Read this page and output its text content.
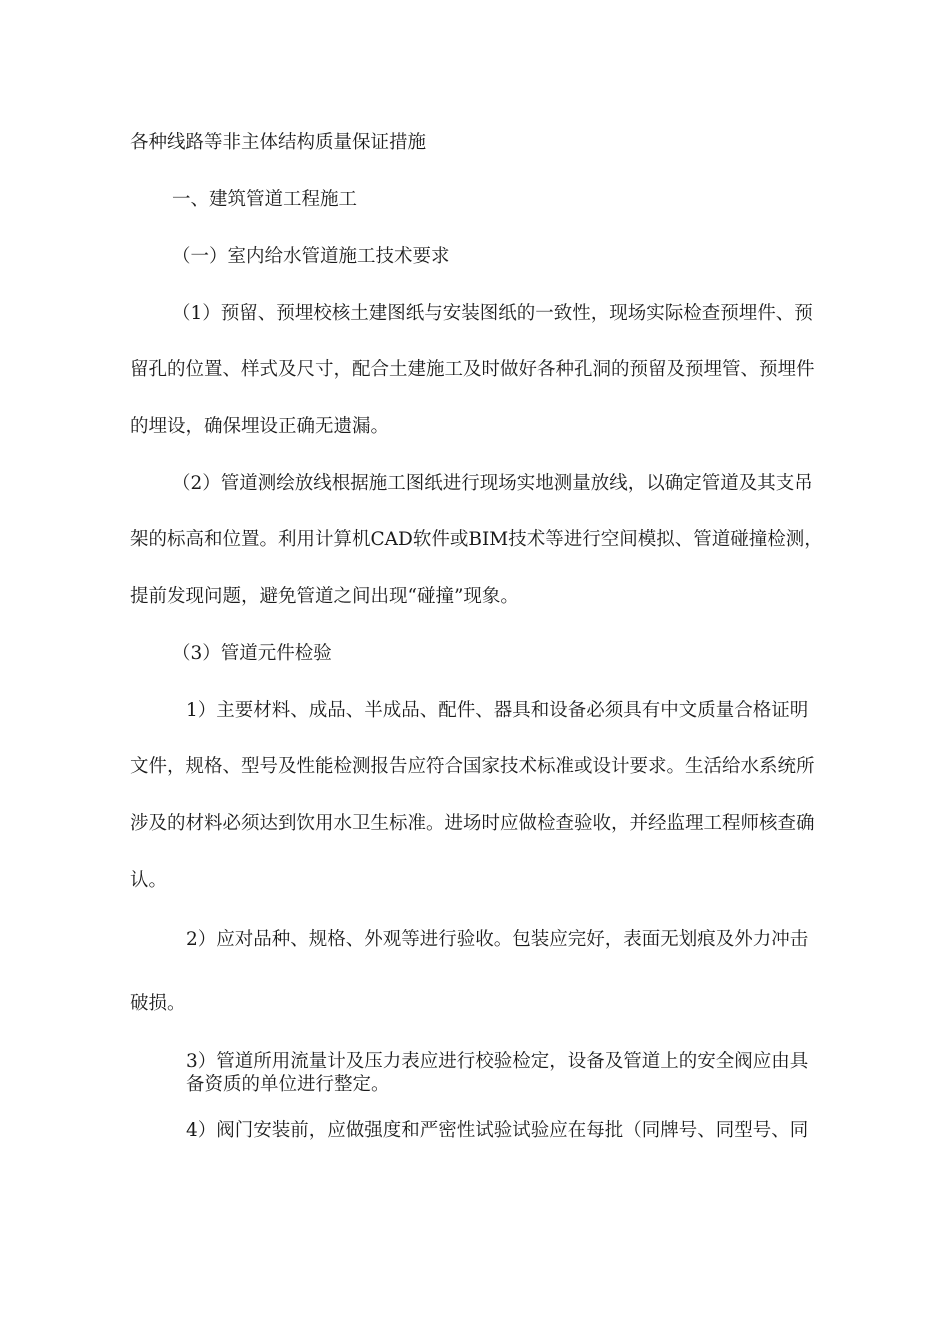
各种线路等非主体结构质量保证措施
一、建筑管道工程施工
（一）室内给水管道施工技术要求
（1）预留、预埋校核土建图纸与安装图纸的一致性，现场实际检查预埋件、预
留孔的位置、样式及尺寸，配合土建施工及时做好各种孔洞的预留及预埋管、预埋件
的埋设，确保埋设正确无遗漏。
（2）管道测绘放线根据施工图纸进行现场实地测量放线，以确定管道及其支吊
架的标高和位置。利用计算机CAD软件或BIM技术等进行空间模拟、管道碰撞检测，
提前发现问题，避免管道之间出现“碰撞”现象。
（3）管道元件检验
1）主要材料、成品、半成品、配件、器具和设备必须具有中文质量合格证明
文件，规格、型号及性能检测报告应符合国家技术标准或设计要求。生活给水系统所
涉及的材料必须达到饮用水卫生标准。进场时应做检查验收，并经监理工程师核查确
认。
2）应对品种、规格、外观等进行验收。包装应完好，表面无划痕及外力冲击
破损。
3）管道所用流量计及压力表应进行校验检定，设备及管道上的安全阀应由具
备资质的单位进行整定。
4）阀门安装前，应做强度和严密性试验试验应在每批（同牌号、同型号、同
